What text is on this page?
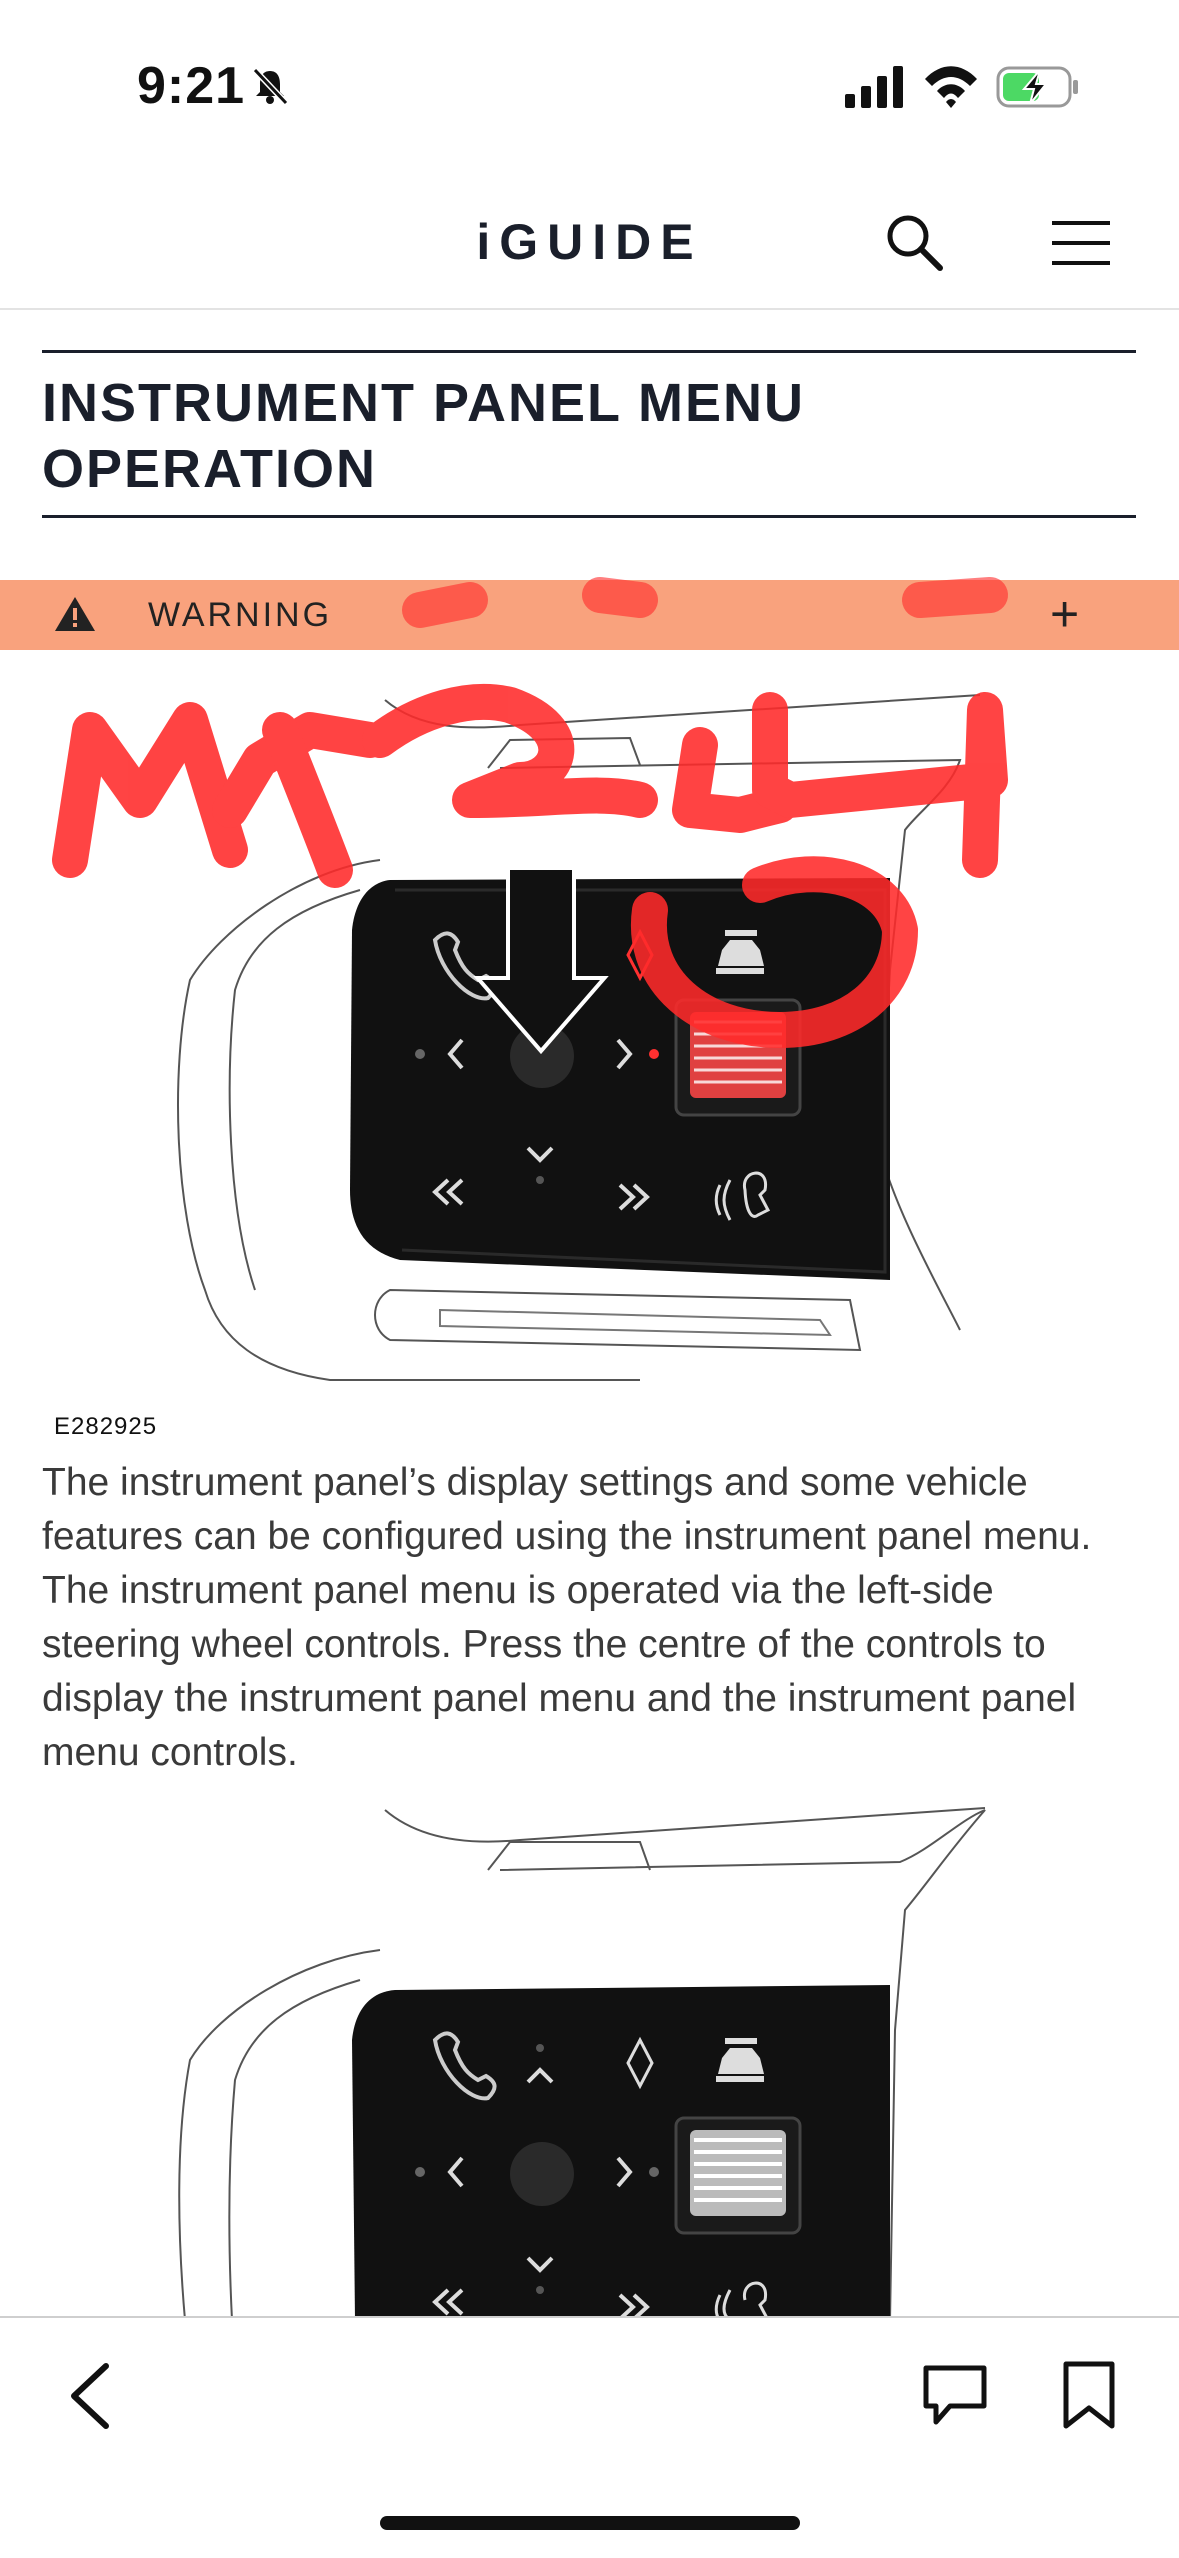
9:21
iGUIDE
INSTRUMENT PANEL MENU OPERATION
E282925
WARNING	+
The instrument panel’s display settings and some vehicle features can be configured using the instrument panel menu. The instrument panel menu is operated via the left-side steering wheel controls. Press the centre of the controls to display the instrument panel menu and the instrument panel menu controls.
